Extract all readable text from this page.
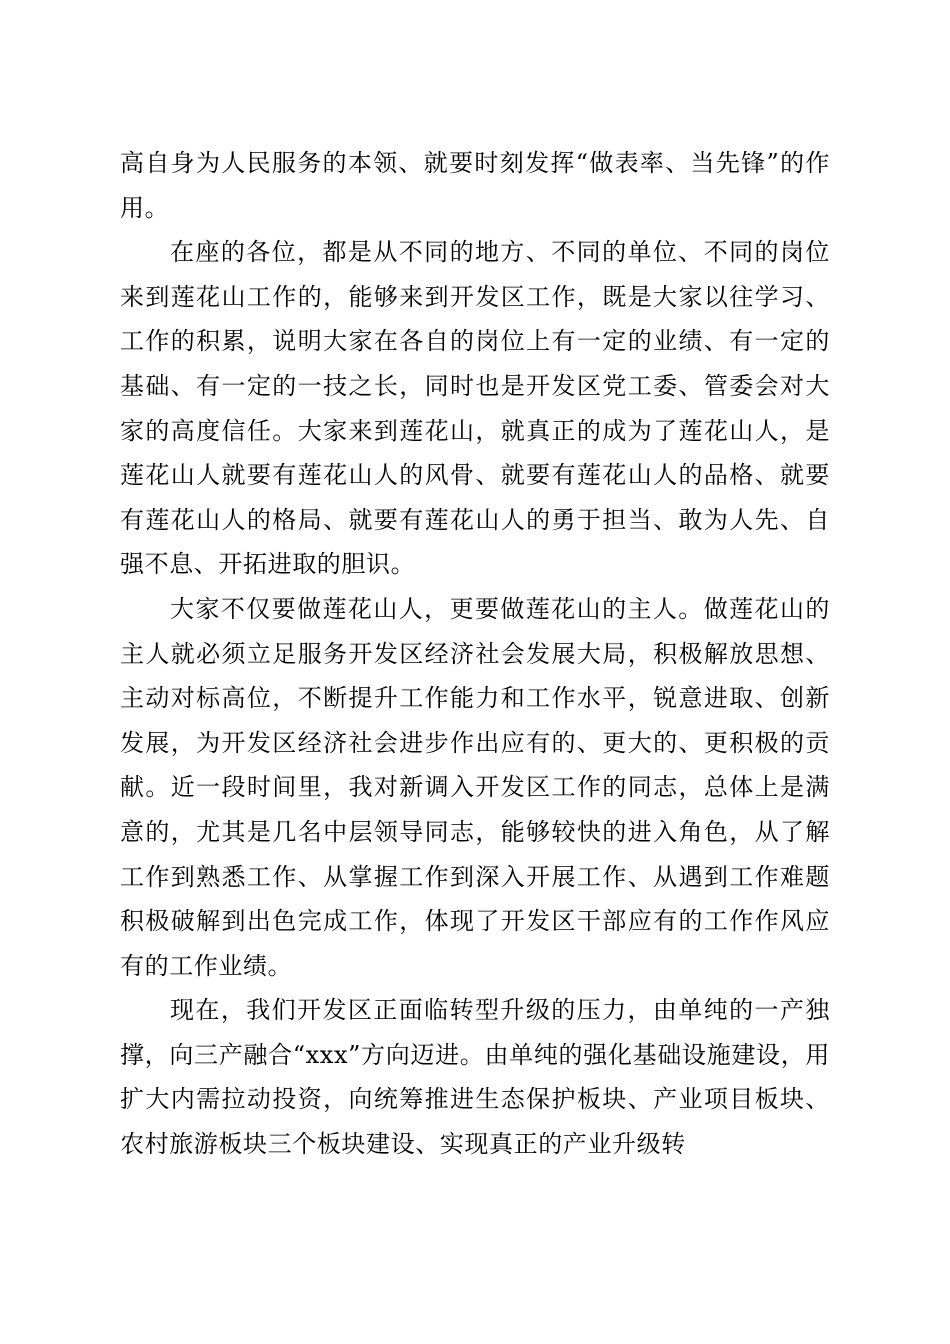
高自身为人民服务的本领、就要时刻发挥“做表率、当先锋”的作用。

在座的各位，都是从不同的地方、不同的单位、不同的岗位来到莲花山工作的，能够来到开发区工作，既是大家以往学习、工作的积累，说明大家在各自的岗位上有一定的业绩、有一定的基础、有一定的一技之长，同时也是开发区党工委、管委会对大家的高度信任。大家来到莲花山，就真正的成为了莲花山人，是莲花山人就要有莲花山人的风骨、就要有莲花山人的品格、就要有莲花山人的格局、就要有莲花山人的勇于担当、敢为人先、自强不息、开拓进取的胆识。

大家不仅要做莲花山人，更要做莲花山的主人。做莲花山的主人就必须立足服务开发区经济社会发展大局，积极解放思想、主动对标高位，不断提升工作能力和工作水平，锐意进取、创新发展，为开发区经济社会进步作出应有的、更大的、更积极的贡献。近一段时间里，我对新调入开发区工作的同志，总体上是满意的，尤其是几名中层领导同志，能够较快的进入角色，从了解工作到熟悉工作、从掌握工作到深入开展工作、从遇到工作难题积极破解到出色完成工作，体现了开发区干部应有的工作作风应有的工作业绩。

现在，我们开发区正面临转型升级的压力，由单纯的一产独撑，向三产融合“xxx”方向迈进。由单纯的强化基础设施建设，用扩大内需拉动投资，向统筹推进生态保护板块、产业项目板块、农村旅游板块三个板块建设、实现真正的产业升级转
